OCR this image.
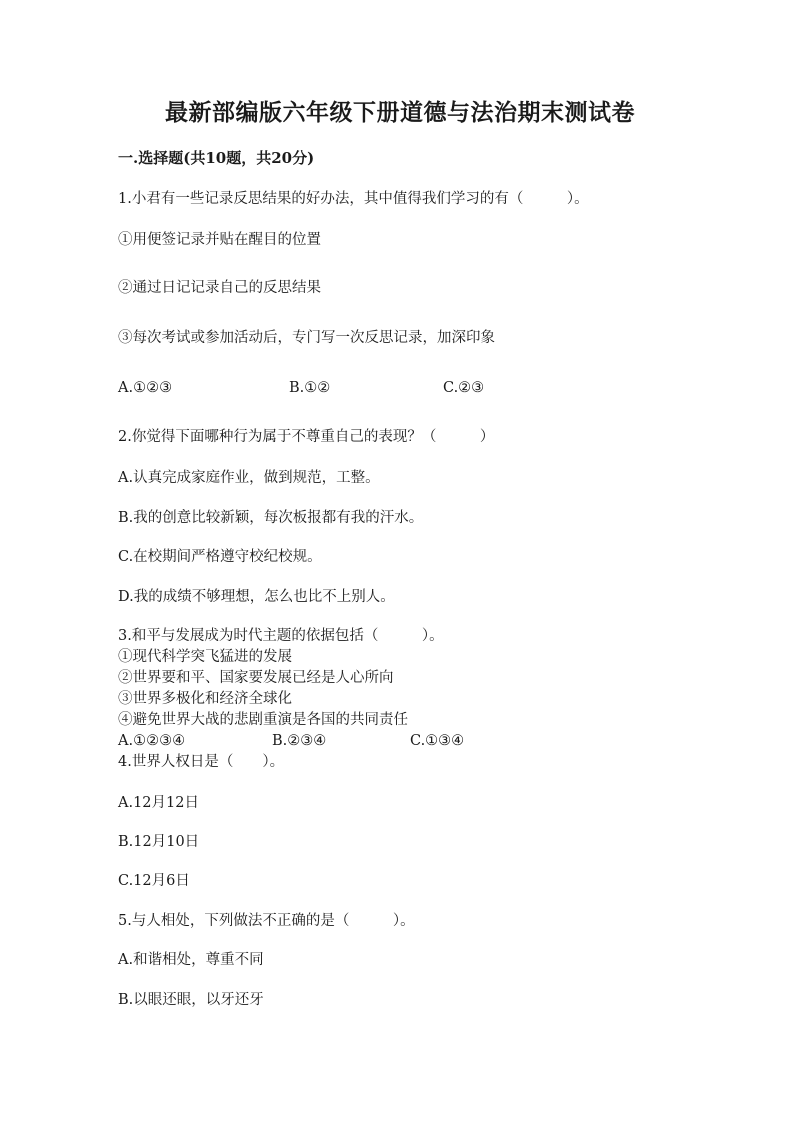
最新部编版六年级下册道德与法治期末测试卷
一.选择题(共10题，共20分)
1.小君有一些记录反思结果的好办法，其中值得我们学习的有（　　　）。
①用便签记录并贴在醒目的位置
②通过日记记录自己的反思结果
③每次考试或参加活动后，专门写一次反思记录，加深印象
A.①②③	B.①②	C.②③
2.你觉得下面哪种行为属于不尊重自己的表现？（　　　）
A.认真完成家庭作业，做到规范，工整。
B.我的创意比较新颖，每次板报都有我的汗水。
C.在校期间严格遵守校纪校规。
D.我的成绩不够理想，怎么也比不上别人。
3.和平与发展成为时代主题的依据包括（　　　）。
①现代科学突飞猛进的发展
②世界要和平、国家要发展已经是人心所向
③世界多极化和经济全球化
④避免世界大战的悲剧重演是各国的共同责任
A.①②③④	B.②③④	C.①③④
4.世界人权日是（　　）。
A.12月12日
B.12月10日
C.12月6日
5.与人相处，下列做法不正确的是（　　　）。
A.和谐相处，尊重不同
B.以眼还眼，以牙还牙
